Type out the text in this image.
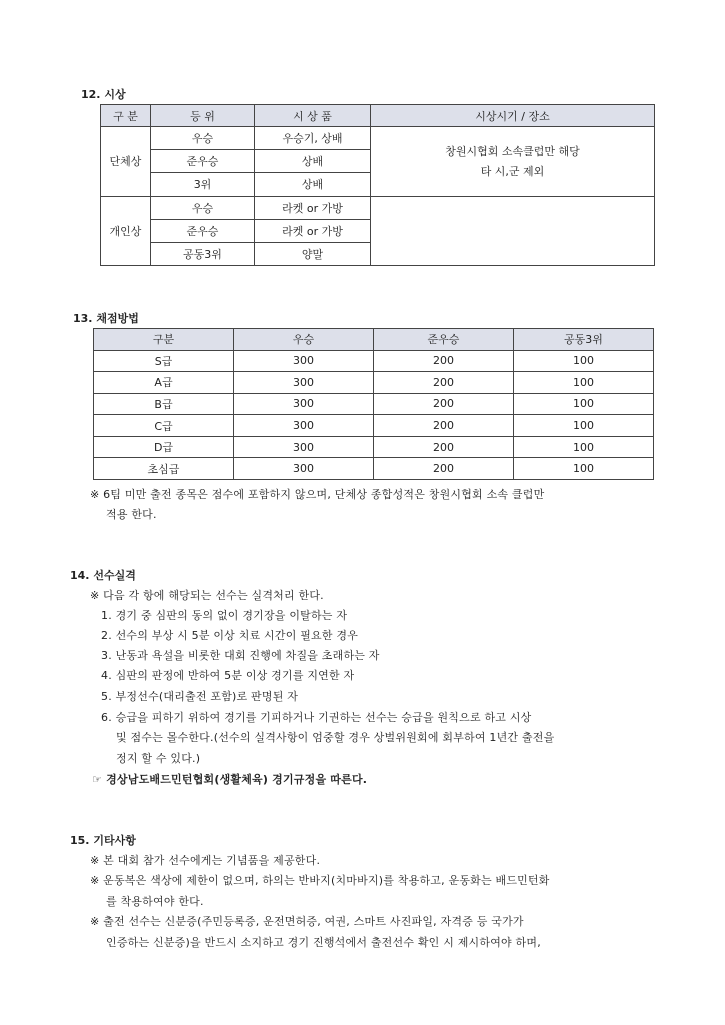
12. 시상
구 분	등 위	시 상 품	시상시기 / 장소
단체상	우승	우승기, 상배	창원시협회 소속클럽만 해당
타 시,군 제외

	준우승	상배	
	3위	상배	
개인상	우승	라켓 or 가방	
	준우승	라켓 or 가방	
	공동3위	양말	
13. 채점방법
구분	우승	준우승	공동3위
S급	300	200	100
A급	300	200	100
B급	300	200	100
C급	300	200	100
D급	300	200	100
초심급	300	200	100
※ 6팀 미만 출전 종목은 점수에 포함하지 않으며, 단체상 종합성적은 창원시협회 소속 클럽만
적용 한다.
14. 선수실격
※ 다음 각 항에 해당되는 선수는 실격처리 한다.
1. 경기 중 심판의 동의 없이 경기장을 이탈하는 자
2. 선수의 부상 시 5분 이상 치료 시간이 필요한 경우
3. 난동과 욕설을 비롯한 대회 진행에 차질을 초래하는 자
4. 심판의 판정에 반하여 5분 이상 경기를 지연한 자
5. 부정선수(대리출전 포함)로 판명된 자
6. 승급을 피하기 위하여 경기를 기피하거나 기권하는 선수는 승급을 원칙으로 하고 시상
및 점수는 몰수한다.(선수의 실격사항이 엄중할 경우 상벌위원회에 회부하여 1년간 출전을
정지 할 수 있다.)
☞ 경상남도배드민턴협회(생활체육) 경기규정을 따른다.
15. 기타사항
※ 본 대회 참가 선수에게는 기념품을 제공한다.
※ 운동복은 색상에 제한이 없으며, 하의는 반바지(치마바지)를 착용하고, 운동화는 배드민턴화
를 착용하여야 한다.
※ 출전 선수는 신분증(주민등록증, 운전면허증, 여권, 스마트 사진파일, 자격증 등 국가가
인증하는 신분증)을 반드시 소지하고 경기 진행석에서 출전선수 확인 시 제시하여야 하며,
